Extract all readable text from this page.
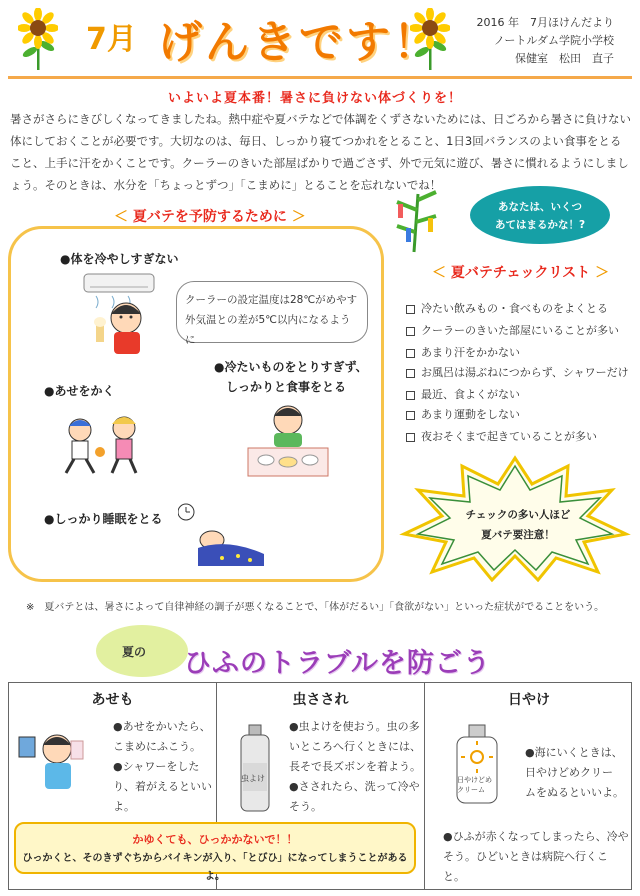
7月 げんきです！	2016 年　7月ほけんだより
ノートルダム学院小学校
保健室　松田　直子
いよいよ夏本番！暑さに負けない体づくりを！
暑さがさらにきびしくなってきましたね。熱中症や夏バテなどで体調をくずさないためには、日ごろから暑さに負けない体にしておくことが必要です。大切なのは、毎日、しっかり寝てつかれをとること、1日3回バランスのよい食事をとること、上手に汗をかくことです。クーラーのきいた部屋ばかりで過ごさず、外で元気に遊び、暑さに慣れるようにしましょう。そのときは、水分を「ちょっとずつ」「こまめに」とることを忘れないでね！
＜ 夏バテを予防するために ＞
●体を冷やしすぎない
クーラーの設定温度は28℃がめやす
外気温との差が5℃以内になるように
●冷たいものをとりすぎず、
しっかりと食事をとる
●あせをかく
●しっかり睡眠をとる
あなたは、いくつ
あてはまるかな！?
＜ 夏バテチェックリスト ＞
冷たい飲みもの・食べものをよくとる
クーラーのきいた部屋にいることが多い
あまり汗をかかない
お風呂は湯ぶねにつからず、シャワーだけ
最近、食よくがない
あまり運動をしない
夜おそくまで起きていることが多い
チェックの多い人ほど
夏バテ要注意！
※　夏バテとは、暑さによって自律神経の調子が悪くなることで、「体がだるい」「食欲がない」といった症状がでることをいう。
夏の ひふのトラブルを防ごう
あせも
●あせをかいたら、
こまめにふこう。
●シャワーをした
り、着がえるといい
よ。
虫さされ
虫よけ
●虫よけを使おう。虫の多
いところへ行くときには、
長そで長ズボンを着よう。
●さされたら、洗って冷や
そう。
日やけ
日やけどめ
クリーム
●海にいくときは、
日やけどめクリー
ムをぬるといいよ。
●ひふが赤くなってしまったら、冷や
そう。ひどいときは病院へ行くこと。
かゆくても、ひっかかないで！！
ひっかくと、そのきずぐちからバイキンが入り、「とびひ」になってしまうことがあるよ。
